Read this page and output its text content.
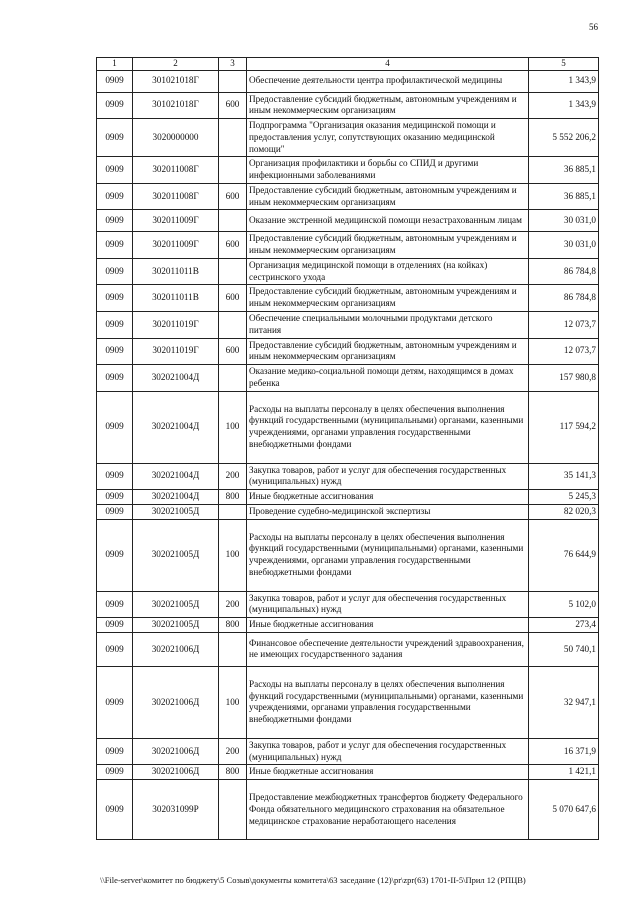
56
1	2	3	4	5
0909	301021018Г		Обеспечение деятельности центра профилактической медицины	1 343,9
0909	301021018Г	600	Предоставление субсидий бюджетным, автономным учреждениям и иным некоммерческим организациям	1 343,9
0909	3020000000		Подпрограмма "Организация оказания медицинской помощи и предоставления услуг, сопутствующих оказанию медицинской помощи"	5 552 206,2
0909	302011008Г		Организация профилактики и борьбы со СПИД и другими инфекционными заболеваниями	36 885,1
0909	302011008Г	600	Предоставление субсидий бюджетным, автономным учреждениям и иным некоммерческим организациям	36 885,1
0909	302011009Г		Оказание экстренной медицинской помощи незастрахованным лицам	30 031,0
0909	302011009Г	600	Предоставление субсидий бюджетным, автономным учреждениям и иным некоммерческим организациям	30 031,0
0909	302011011В		Организация медицинской помощи в отделениях (на койках) сестринского ухода	86 784,8
0909	302011011В	600	Предоставление субсидий бюджетным, автономным учреждениям и иным некоммерческим организациям	86 784,8
0909	302011019Г		Обеспечение специальными молочными продуктами детского питания	12 073,7
0909	302011019Г	600	Предоставление субсидий бюджетным, автономным учреждениям и иным некоммерческим организациям	12 073,7
0909	302021004Д		Оказание медико-социальной помощи детям, находящимся в домах ребенка	157 980,8
0909	302021004Д	100	Расходы на выплаты персоналу в целях обеспечения выполнения функций государственными (муниципальными) органами, казенными учреждениями, органами управления государственными внебюджетными фондами	117 594,2
0909	302021004Д	200	Закупка товаров, работ и услуг для обеспечения государственных (муниципальных) нужд	35 141,3
0909	302021004Д	800	Иные бюджетные ассигнования	5 245,3
0909	302021005Д		Проведение судебно-медицинской экспертизы	82 020,3
0909	302021005Д	100	Расходы на выплаты персоналу в целях обеспечения выполнения функций государственными (муниципальными) органами, казенными учреждениями, органами управления государственными внебюджетными фондами	76 644,9
0909	302021005Д	200	Закупка товаров, работ и услуг для обеспечения государственных (муниципальных) нужд	5 102,0
0909	302021005Д	800	Иные бюджетные ассигнования	273,4
0909	302021006Д		Финансовое обеспечение деятельности учреждений здравоохранения, не имеющих государственного задания	50 740,1
0909	302021006Д	100	Расходы на выплаты персоналу в целях обеспечения выполнения функций государственными (муниципальными) органами, казенными учреждениями, органами управления государственными внебюджетными фондами	32 947,1
0909	302021006Д	200	Закупка товаров, работ и услуг для обеспечения государственных (муниципальных) нужд	16 371,9
0909	302021006Д	800	Иные бюджетные ассигнования	1 421,1
0909	302031099Р		Предоставление межбюджетных трансфертов бюджету Федерального Фонда обязательного медицинского страхования на обязательное медицинское страхование неработающего населения	5 070 647,6
\\File-server\комитет по бюджету\5 Созыв\документы комитета\63 заседание (12)\pr\zpr(63) 1701-II-5\Прил 12 (РПЦВ)
